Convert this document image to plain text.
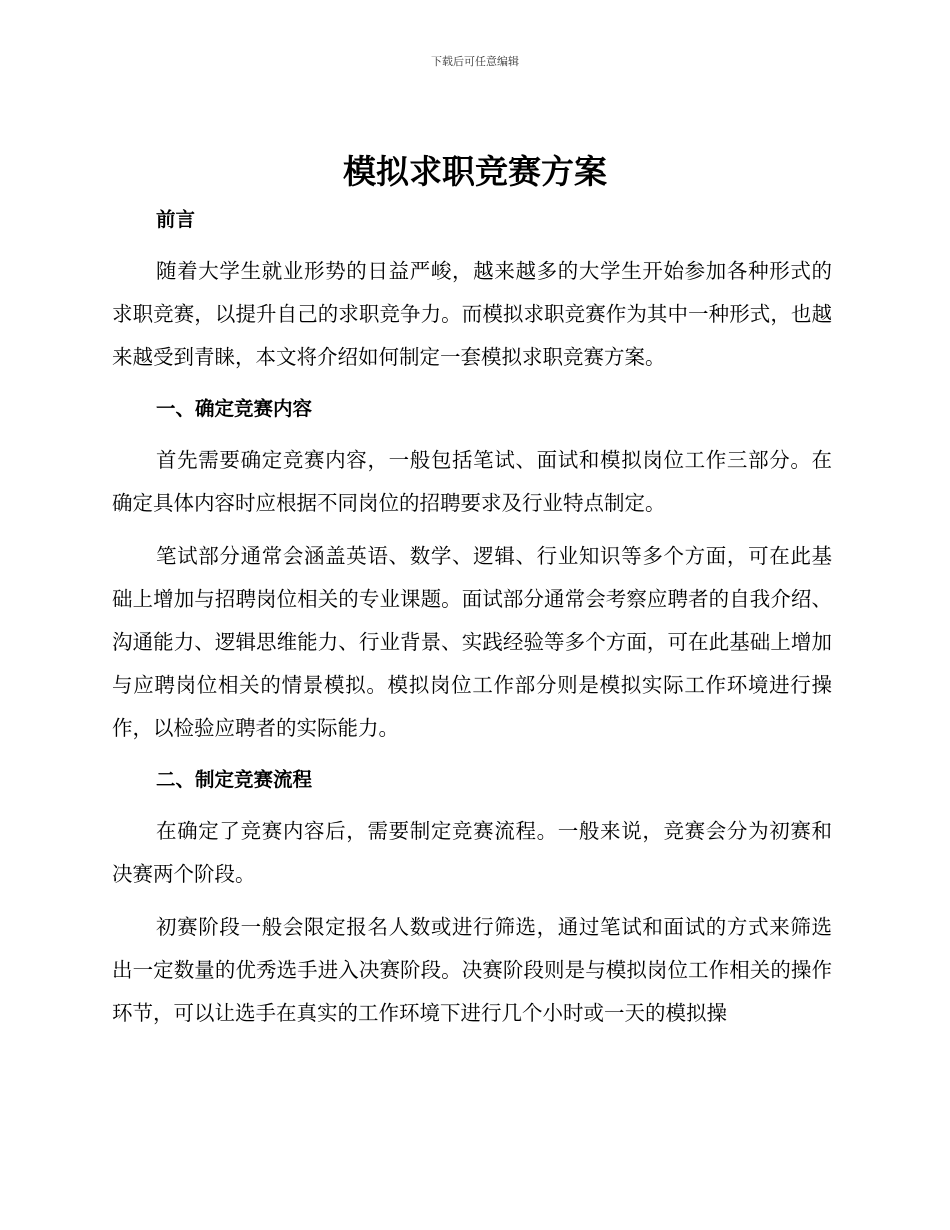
下载后可任意编辑
模拟求职竞赛方案
前言

随着大学生就业形势的日益严峻，越来越多的大学生开始参加各种形式的求职竞赛，以提升自己的求职竞争力。而模拟求职竞赛作为其中一种形式，也越来越受到青睐，本文将介绍如何制定一套模拟求职竞赛方案。

一、确定竞赛内容

首先需要确定竞赛内容，一般包括笔试、面试和模拟岗位工作三部分。在确定具体内容时应根据不同岗位的招聘要求及行业特点制定。

笔试部分通常会涵盖英语、数学、逻辑、行业知识等多个方面，可在此基础上增加与招聘岗位相关的专业课题。面试部分通常会考察应聘者的自我介绍、沟通能力、逻辑思维能力、行业背景、实践经验等多个方面，可在此基础上增加与应聘岗位相关的情景模拟。模拟岗位工作部分则是模拟实际工作环境进行操作，以检验应聘者的实际能力。

二、制定竞赛流程

在确定了竞赛内容后，需要制定竞赛流程。一般来说，竞赛会分为初赛和决赛两个阶段。

初赛阶段一般会限定报名人数或进行筛选，通过笔试和面试的方式来筛选出一定数量的优秀选手进入决赛阶段。决赛阶段则是与模拟岗位工作相关的操作环节，可以让选手在真实的工作环境下进行几个小时或一天的模拟操
